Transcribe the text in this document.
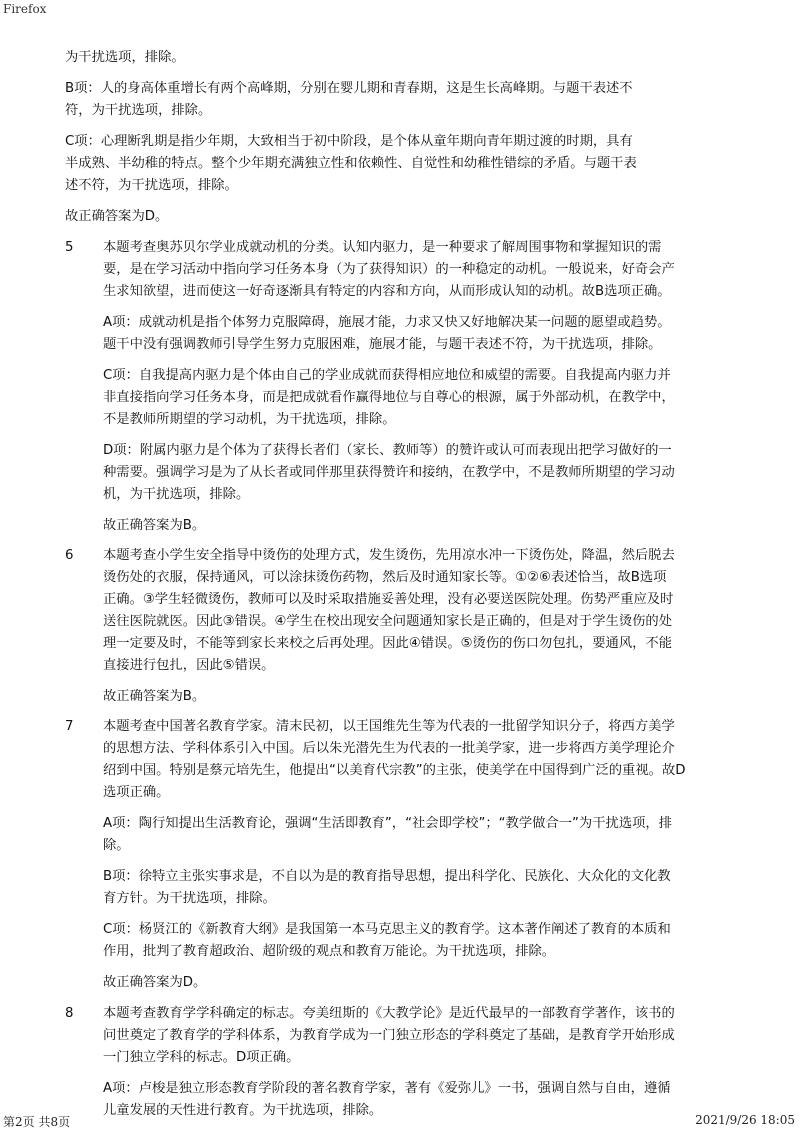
Firefox
为干扰选项，排除。
B项：人的身高体重增长有两个高峰期，分别在婴儿期和青春期，这是生长高峰期。与题干表述不
符，为干扰选项，排除。
C项：心理断乳期是指少年期，大致相当于初中阶段，是个体从童年期向青年期过渡的时期，具有
半成熟、半幼稚的特点。整个少年期充满独立性和依赖性、自觉性和幼稚性错综的矛盾。与题干表
述不符，为干扰选项，排除。
故正确答案为D。
5 本题考查奥苏贝尔学业成就动机的分类。认知内驱力，是一种要求了解周围事物和掌握知识的需
要，是在学习活动中指向学习任务本身（为了获得知识）的一种稳定的动机。一般说来，好奇会产
生求知欲望，进而使这一好奇逐渐具有特定的内容和方向，从而形成认知的动机。故B选项正确。
A项：成就动机是指个体努力克服障碍，施展才能，力求又快又好地解决某一问题的愿望或趋势。
题干中没有强调教师引导学生努力克服困难，施展才能，与题干表述不符，为干扰选项，排除。
C项：自我提高内驱力是个体由自己的学业成就而获得相应地位和威望的需要。自我提高内驱力并
非直接指向学习任务本身，而是把成就看作赢得地位与自尊心的根源，属于外部动机，在教学中，
不是教师所期望的学习动机，为干扰选项，排除。
D项：附属内驱力是个体为了获得长者们（家长、教师等）的赞许或认可而表现出把学习做好的一
种需要。强调学习是为了从长者或同伴那里获得赞许和接纳，在教学中，不是教师所期望的学习动
机，为干扰选项，排除。
故正确答案为B。
6 本题考查小学生安全指导中烫伤的处理方式，发生烫伤，先用凉水冲一下烫伤处，降温，然后脱去
烫伤处的衣服，保持通风，可以涂抹烫伤药物，然后及时通知家长等。①②⑥表述恰当，故B选项
正确。③学生轻微烫伤，教师可以及时采取措施妥善处理，没有必要送医院处理。伤势严重应及时
送往医院就医。因此③错误。④学生在校出现安全问题通知家长是正确的，但是对于学生烫伤的处
理一定要及时，不能等到家长来校之后再处理。因此④错误。⑤烫伤的伤口勿包扎，要通风，不能
直接进行包扎，因此⑤错误。
故正确答案为B。
7 本题考查中国著名教育学家。清末民初，以王国维先生等为代表的一批留学知识分子，将西方美学
的思想方法、学科体系引入中国。后以朱光潜先生为代表的一批美学家，进一步将西方美学理论介
绍到中国。特别是蔡元培先生，他提出“以美育代宗教”的主张，使美学在中国得到广泛的重视。故D
选项正确。
A项：陶行知提出生活教育论，强调“生活即教育”，“社会即学校”；“教学做合一”为干扰选项，排
除。
B项：徐特立主张实事求是，不自以为是的教育指导思想，提出科学化、民族化、大众化的文化教
育方针。为干扰选项，排除。
C项：杨贤江的《新教育大纲》是我国第一本马克思主义的教育学。这本著作阐述了教育的本质和
作用，批判了教育超政治、超阶级的观点和教育万能论。为干扰选项，排除。
故正确答案为D。
8 本题考查教育学学科确定的标志。夸美纽斯的《大教学论》是近代最早的一部教育学著作，该书的
问世奠定了教育学的学科体系，为教育学成为一门独立形态的学科奠定了基础，是教育学开始形成
一门独立学科的标志。D项正确。
A项：卢梭是独立形态教育学阶段的著名教育学家，著有《爱弥儿》一书，强调自然与自由，遵循
儿童发展的天性进行教育。为干扰选项，排除。
第2页 共8页	2021/9/26 18:05
